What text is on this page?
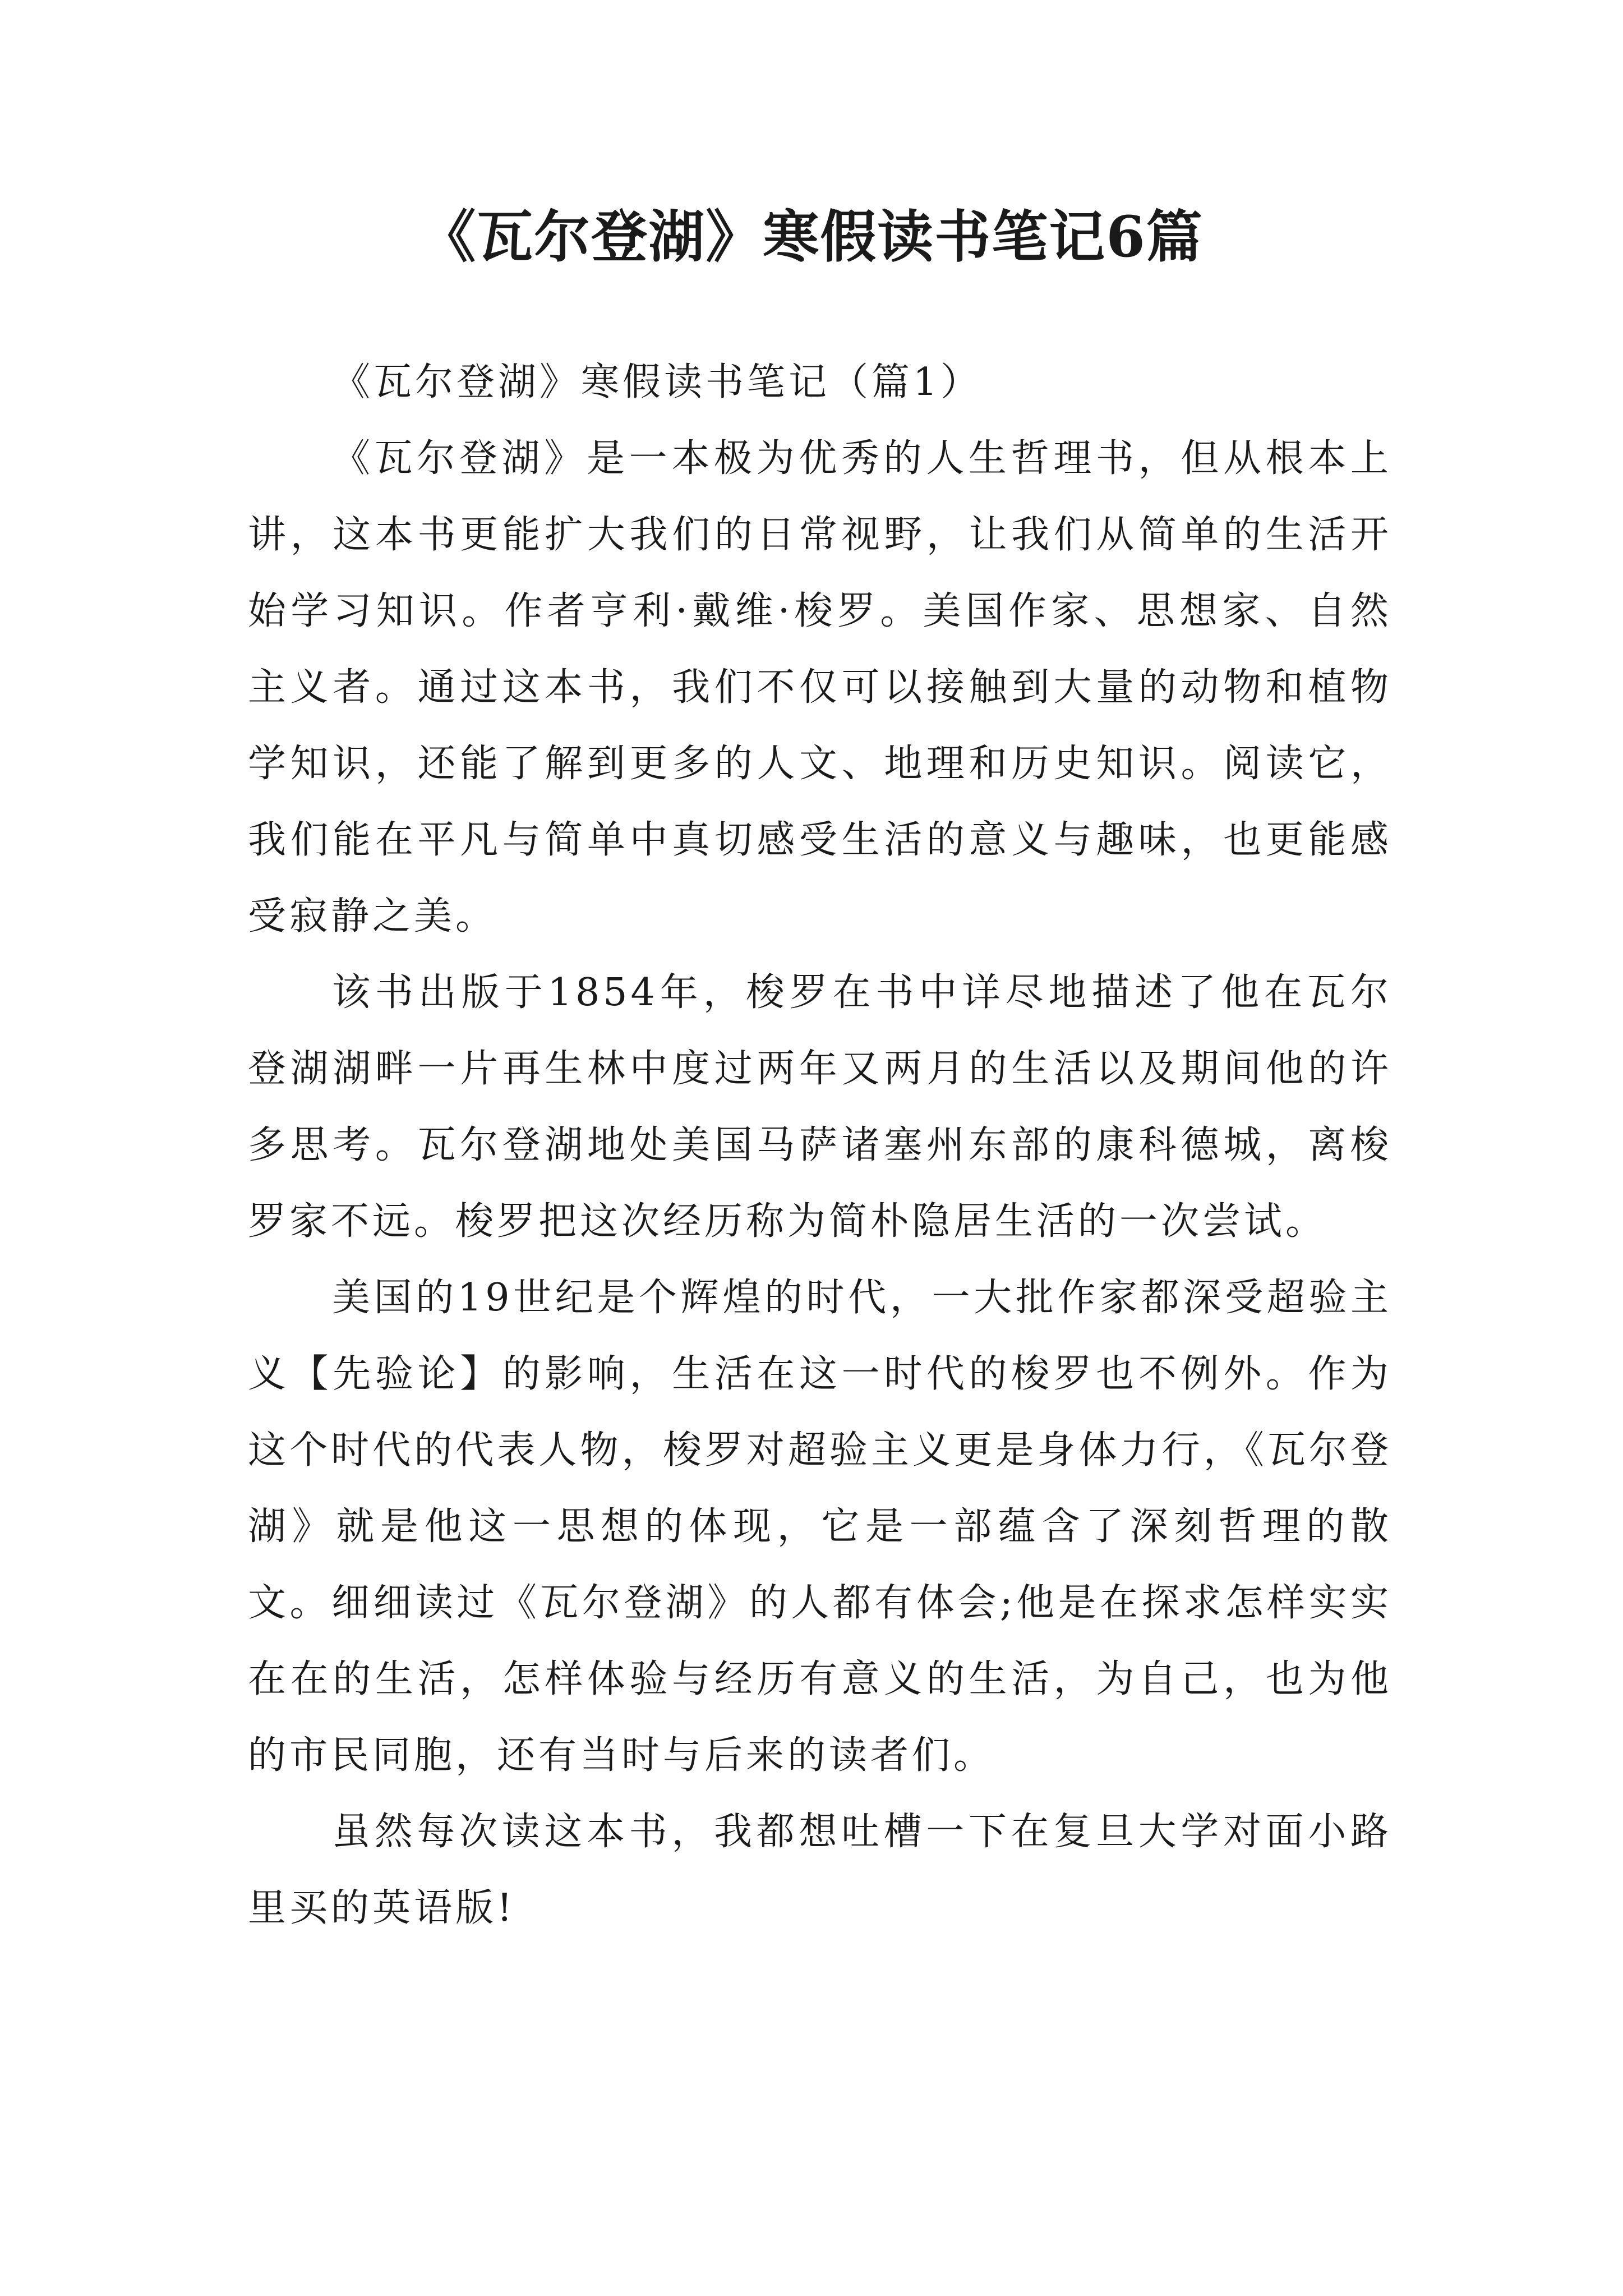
《瓦尔登湖》寒假读书笔记6篇

《瓦尔登湖》寒假读书笔记（篇1）

《瓦尔登湖》是一本极为优秀的人生哲理书，但从根本上讲，这本书更能扩大我们的日常视野，让我们从简单的生活开始学习知识。作者亨利·戴维·梭罗。美国作家、思想家、自然主义者。通过这本书，我们不仅可以接触到大量的动物和植物学知识，还能了解到更多的人文、地理和历史知识。阅读它，我们能在平凡与简单中真切感受生活的意义与趣味，也更能感受寂静之美。

该书出版于1854年，梭罗在书中详尽地描述了他在瓦尔登湖湖畔一片再生林中度过两年又两月的生活以及期间他的许多思考。瓦尔登湖地处美国马萨诸塞州东部的康科德城，离梭罗家不远。梭罗把这次经历称为简朴隐居生活的一次尝试。

美国的19世纪是个辉煌的时代，一大批作家都深受超验主义【先验论】的影响，生活在这一时代的梭罗也不例外。作为这个时代的代表人物，梭罗对超验主义更是身体力行，《瓦尔登湖》就是他这一思想的体现，它是一部蕴含了深刻哲理的散文。细细读过《瓦尔登湖》的人都有体会;他是在探求怎样实实在在的生活，怎样体验与经历有意义的生活，为自己，也为他的市民同胞，还有当时与后来的读者们。

虽然每次读这本书，我都想吐槽一下在复旦大学对面小路里买的英语版!
